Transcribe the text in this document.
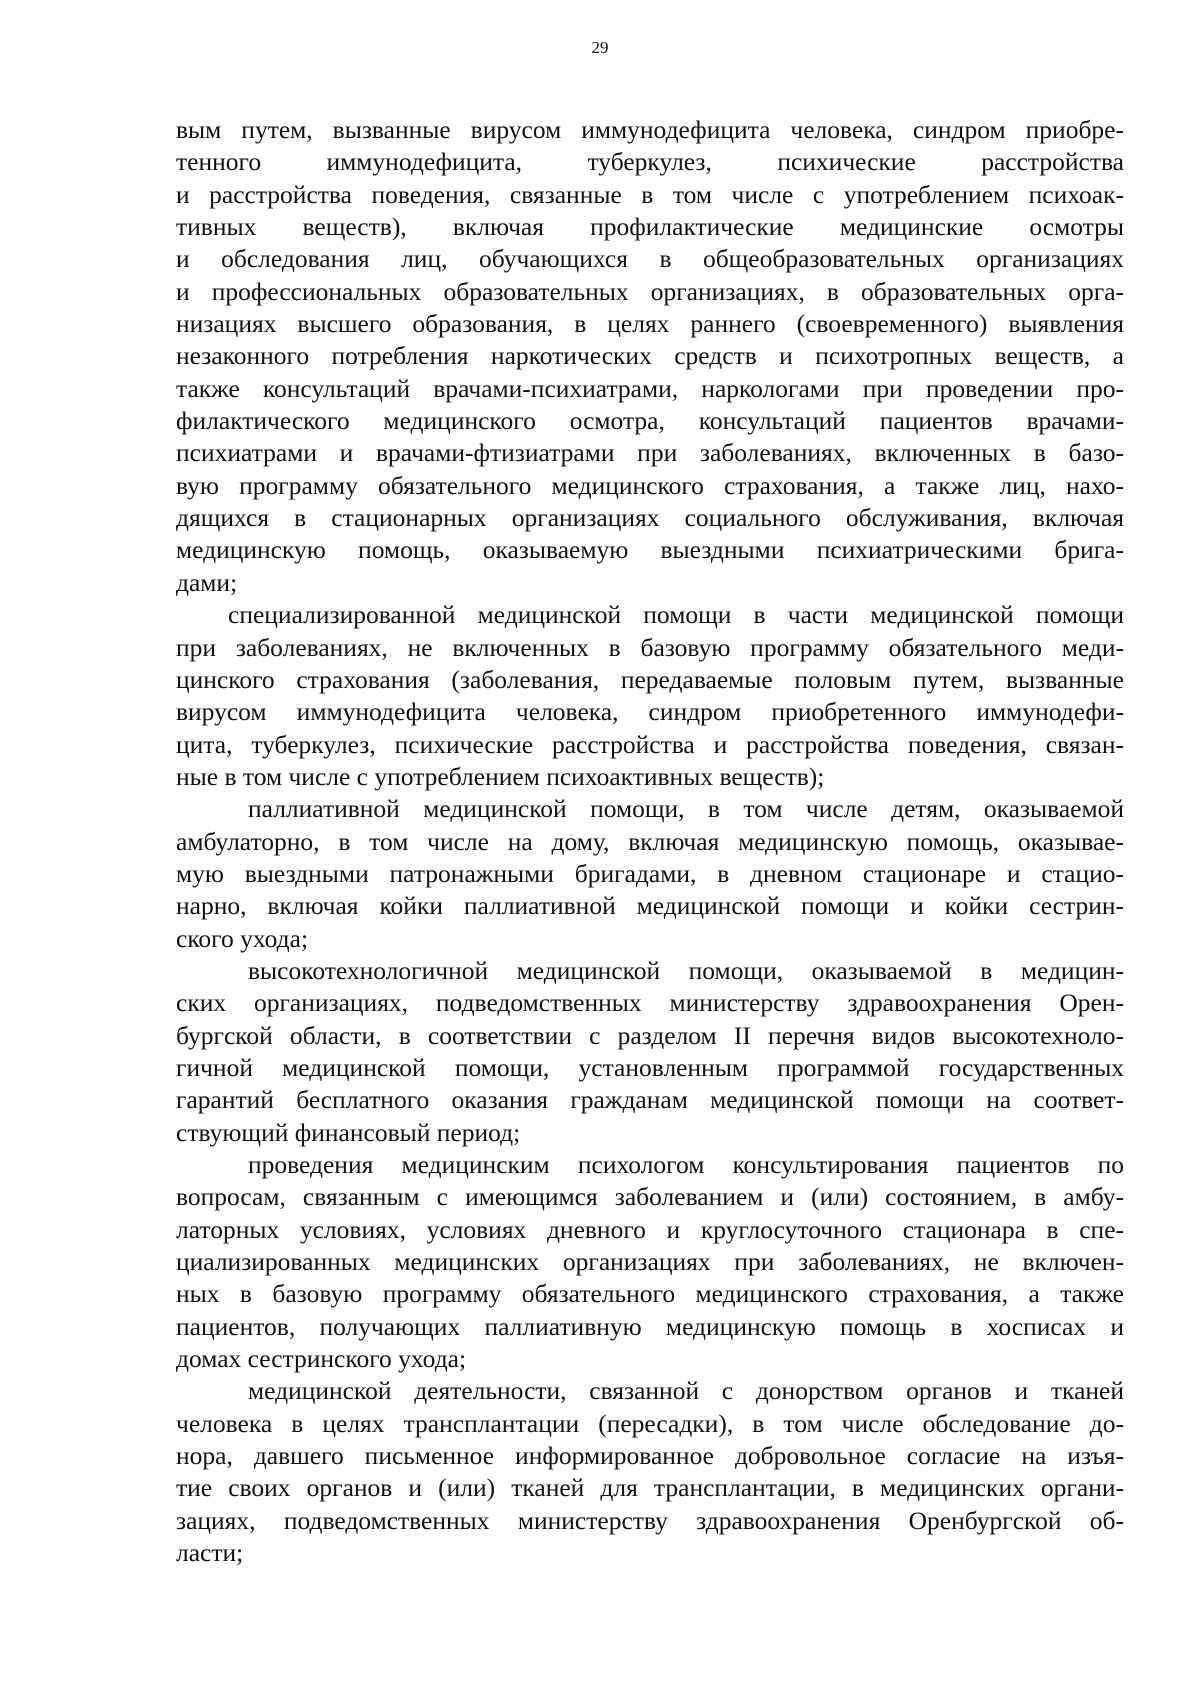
29
вым путем, вызванные вирусом иммунодефицита человека, синдром приобре-
тенного иммунодефицита, туберкулез, психические расстройства
и расстройства поведения, связанные в том числе с употреблением психоак-
тивных веществ), включая профилактические медицинские осмотры
и обследования лиц, обучающихся в общеобразовательных организациях
и профессиональных образовательных организациях, в образовательных орга-
низациях высшего образования, в целях раннего (своевременного) выявления
незаконного потребления наркотических средств и психотропных веществ, а
также консультаций врачами-психиатрами, наркологами при проведении про-
филактического медицинского осмотра, консультаций пациентов врачами-
психиатрами и врачами-фтизиатрами при заболеваниях, включенных в базо-
вую программу обязательного медицинского страхования, а также лиц, нахо-
дящихся в стационарных организациях социального обслуживания, включая
медицинскую помощь, оказываемую выездными психиатрическими брига-
дами;
специализированной медицинской помощи в части медицинской помощи
при заболеваниях, не включенных в базовую программу обязательного меди-
цинского страхования (заболевания, передаваемые половым путем, вызванные
вирусом иммунодефицита человека, синдром приобретенного иммунодефи-
цита, туберкулез, психические расстройства и расстройства поведения, связан-
ные в том числе с употреблением психоактивных веществ);
паллиативной медицинской помощи, в том числе детям, оказываемой
амбулаторно, в том числе на дому, включая медицинскую помощь, оказывае-
мую выездными патронажными бригадами, в дневном стационаре и стацио-
нарно, включая койки паллиативной медицинской помощи и койки сестрин-
ского ухода;
высокотехнологичной медицинской помощи, оказываемой в медицин-
ских организациях, подведомственных министерству здравоохранения Орен-
бургской области, в соответствии с разделом II перечня видов высокотехноло-
гичной медицинской помощи, установленным программой государственных
гарантий бесплатного оказания гражданам медицинской помощи на соответ-
ствующий финансовый период;
проведения медицинским психологом консультирования пациентов по
вопросам, связанным с имеющимся заболеванием и (или) состоянием, в амбу-
латорных условиях, условиях дневного и круглосуточного стационара в спе-
циализированных медицинских организациях при заболеваниях, не включен-
ных в базовую программу обязательного медицинского страхования, а также
пациентов, получающих паллиативную медицинскую помощь в хосписах и
домах сестринского ухода;
медицинской деятельности, связанной с донорством органов и тканей
человека в целях трансплантации (пересадки), в том числе обследование до-
нора, давшего письменное информированное добровольное согласие на изъя-
тие своих органов и (или) тканей для трансплантации, в медицинских органи-
зациях, подведомственных министерству здравоохранения Оренбургской об-
ласти;
